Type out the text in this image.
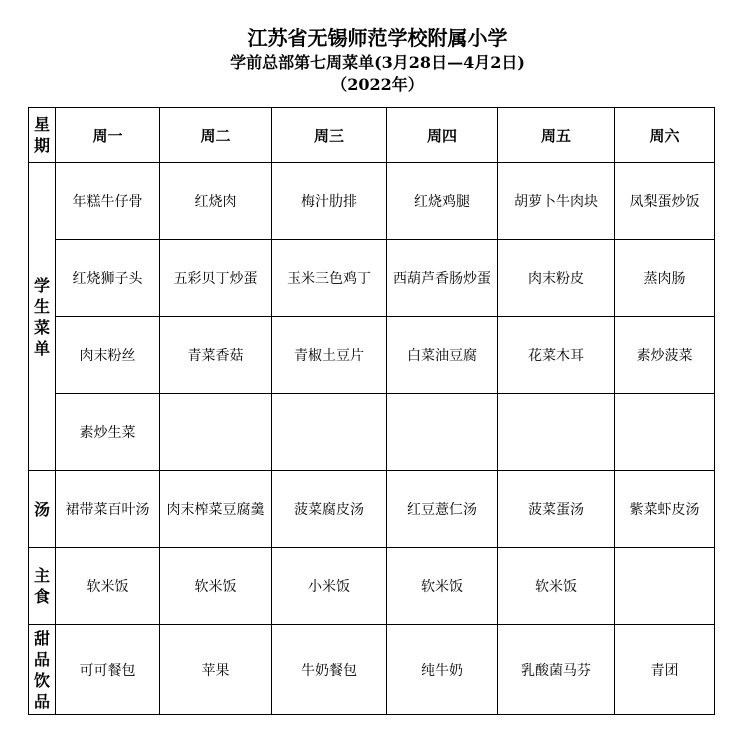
江苏省无锡师范学校附属小学
学前总部第七周菜单(3月28日—4月2日)
（2022年）
星期	周一	周二	周三	周四	周五	周六
学生菜单	年糕牛仔骨	红烧肉	梅汁肋排	红烧鸡腿	胡萝卜牛肉块	凤梨蛋炒饭
	红烧狮子头	五彩贝丁炒蛋	玉米三色鸡丁	西葫芦香肠炒蛋	肉末粉皮	蒸肉肠
	肉末粉丝	青菜香菇	青椒土豆片	白菜油豆腐	花菜木耳	素炒菠菜
	素炒生菜					
汤	裙带菜百叶汤	肉末榨菜豆腐羹	菠菜腐皮汤	红豆薏仁汤	菠菜蛋汤	紫菜虾皮汤
主食	软米饭	软米饭	小米饭	软米饭	软米饭	
甜品饮品	可可餐包	苹果	牛奶餐包	纯牛奶	乳酸菌马芬	青团
